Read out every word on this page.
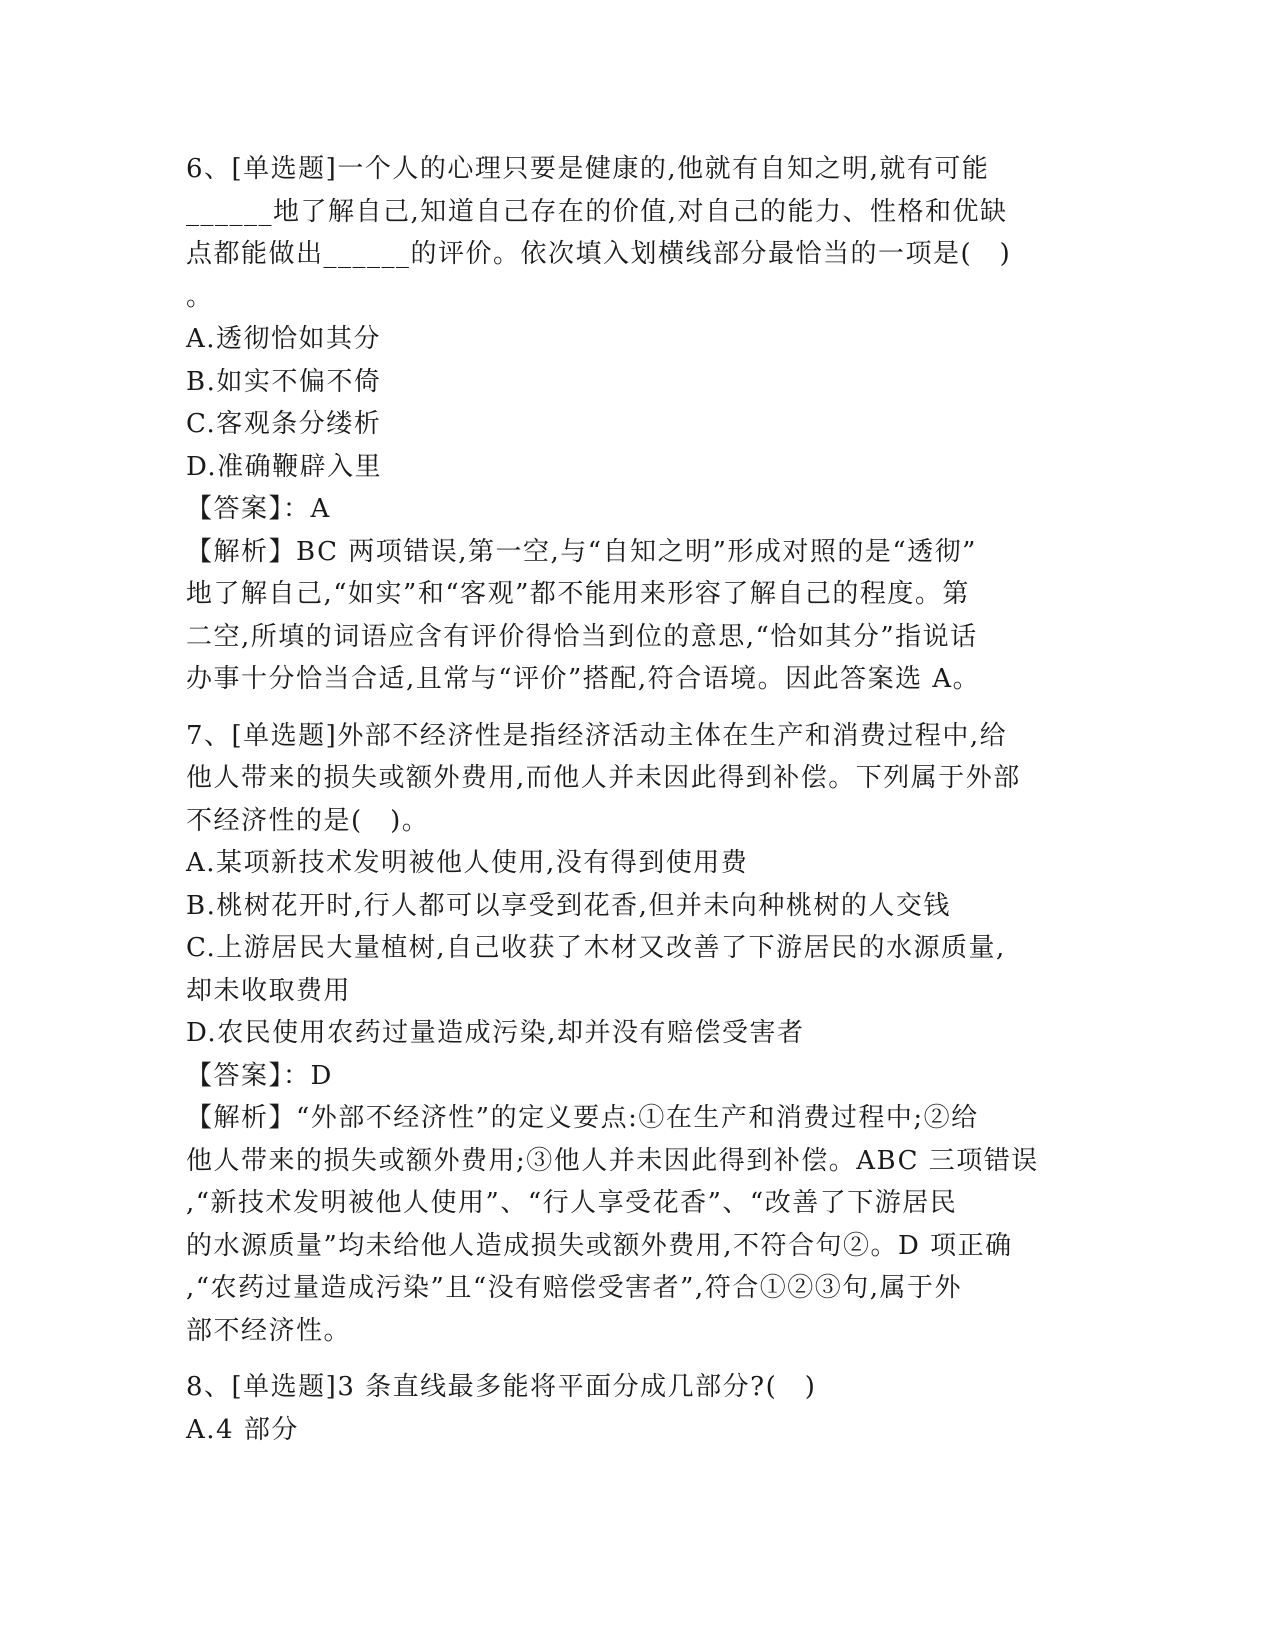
6、[单选题]一个人的心理只要是健康的,他就有自知之明,就有可能
______地了解自己,知道自己存在的价值,对自己的能力、性格和优缺
点都能做出______的评价。依次填入划横线部分最恰当的一项是(　)
。
A.透彻恰如其分
B.如实不偏不倚
C.客观条分缕析
D.准确鞭辟入里
【答案】：A
【解析】BC 两项错误,第一空,与“自知之明”形成对照的是“透彻”
地了解自己,“如实”和“客观”都不能用来形容了解自己的程度。第
二空,所填的词语应含有评价得恰当到位的意思,“恰如其分”指说话
办事十分恰当合适,且常与“评价”搭配,符合语境。因此答案选 A。
7、[单选题]外部不经济性是指经济活动主体在生产和消费过程中,给
他人带来的损失或额外费用,而他人并未因此得到补偿。下列属于外部
不经济性的是(　)。
A.某项新技术发明被他人使用,没有得到使用费
B.桃树花开时,行人都可以享受到花香,但并未向种桃树的人交钱
C.上游居民大量植树,自己收获了木材又改善了下游居民的水源质量,
却未收取费用
D.农民使用农药过量造成污染,却并没有赔偿受害者
【答案】：D
【解析】“外部不经济性”的定义要点:①在生产和消费过程中;②给
他人带来的损失或额外费用;③他人并未因此得到补偿。ABC 三项错误
,“新技术发明被他人使用”、“行人享受花香”、“改善了下游居民
的水源质量”均未给他人造成损失或额外费用,不符合句②。D 项正确
,“农药过量造成污染”且“没有赔偿受害者”,符合①②③句,属于外
部不经济性。
8、[单选题]3 条直线最多能将平面分成几部分?(　)
A.4 部分
